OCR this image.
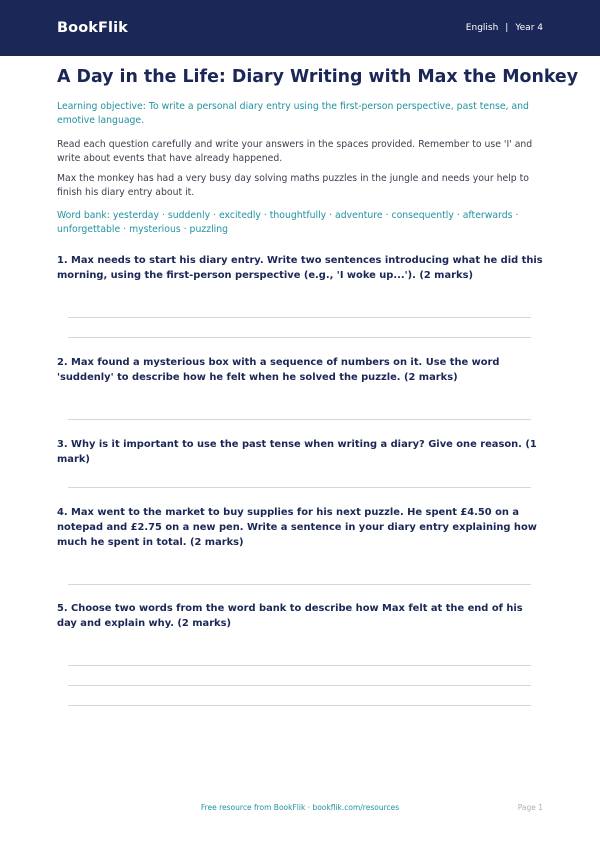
BookFlik	English | Year 4
A Day in the Life: Diary Writing with Max the Monkey

Learning objective: To write a personal diary entry using the first-person perspective, past tense, and emotive language.

Read each question carefully and write your answers in the spaces provided. Remember to use 'I' and write about events that have already happened.

Max the monkey has had a very busy day solving maths puzzles in the jungle and needs your help to finish his diary entry about it.

Word bank: yesterday · suddenly · excitedly · thoughtfully · adventure · consequently · afterwards · unforgettable · mysterious · puzzling

1. Max needs to start his diary entry. Write two sentences introducing what he did this morning, using the first-person perspective (e.g., 'I woke up...'). (2 marks)
2. Max found a mysterious box with a sequence of numbers on it. Use the word 'suddenly' to describe how he felt when he solved the puzzle. (2 marks)
3. Why is it important to use the past tense when writing a diary? Give one reason. (1 mark)
4. Max went to the market to buy supplies for his next puzzle. He spent £4.50 on a notepad and £2.75 on a new pen. Write a sentence in your diary entry explaining how much he spent in total. (2 marks)
5. Choose two words from the word bank to describe how Max felt at the end of his day and explain why. (2 marks)
Free resource from BookFlik · bookflik.com/resources	Page 1
